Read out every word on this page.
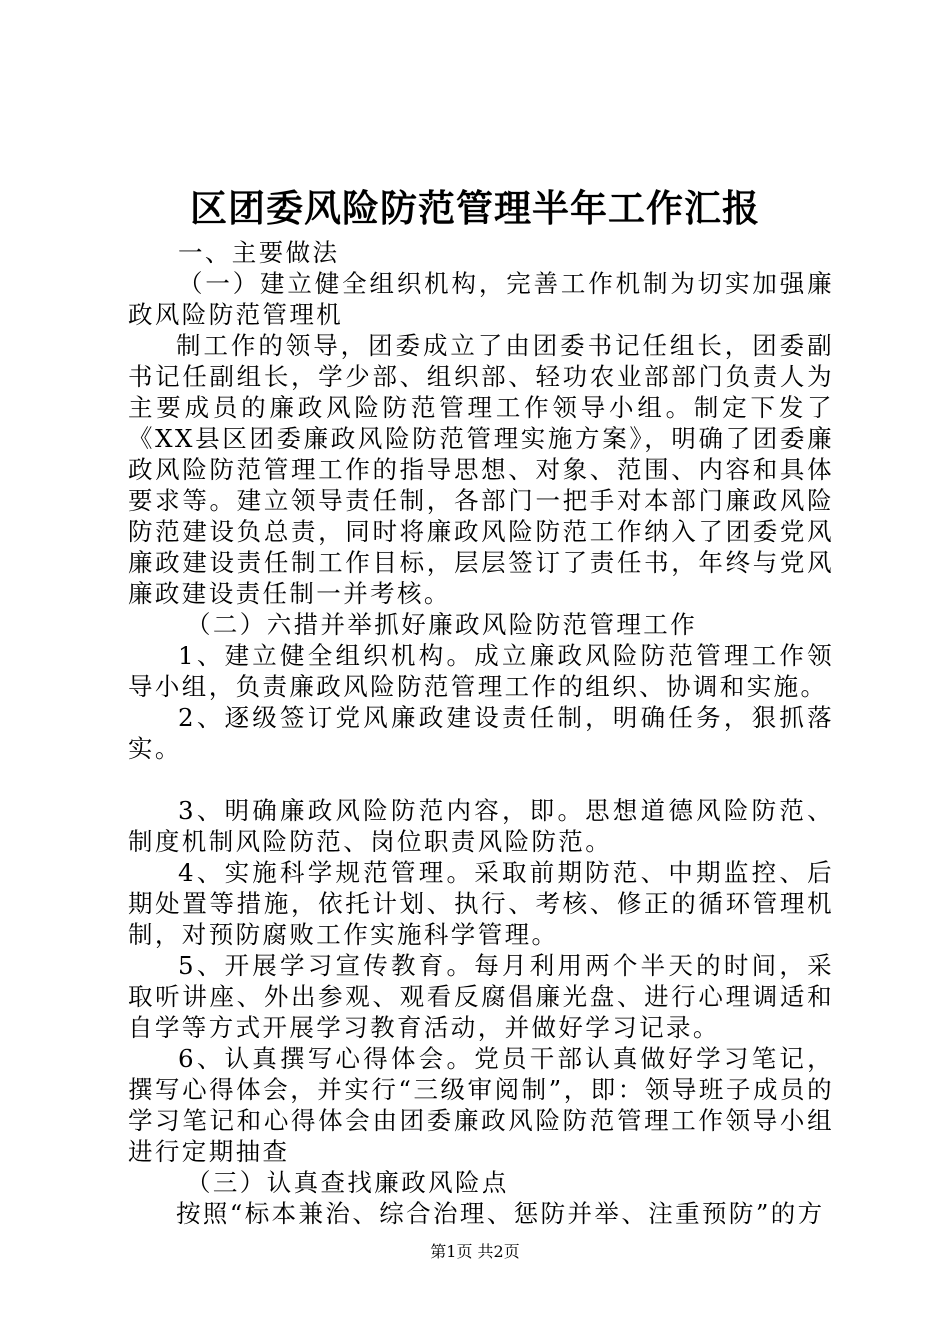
区团委风险防范管理半年工作汇报

一、主要做法

（一）建立健全组织机构，完善工作机制为切实加强廉政风险防范管理机

制工作的领导，团委成立了由团委书记任组长，团委副书记任副组长，学少部、组织部、轻功农业部部门负责人为主要成员的廉政风险防范管理工作领导小组。制定下发了《XX县区团委廉政风险防范管理实施方案》，明确了团委廉政风险防范管理工作的指导思想、对象、范围、内容和具体要求等。建立领导责任制，各部门一把手对本部门廉政风险防范建设负总责，同时将廉政风险防范工作纳入了团委党风廉政建设责任制工作目标，层层签订了责任书，年终与党风廉政建设责任制一并考核。

（二）六措并举抓好廉政风险防范管理工作

1、建立健全组织机构。成立廉政风险防范管理工作领导小组，负责廉政风险防范管理工作的组织、协调和实施。

2、逐级签订党风廉政建设责任制，明确任务，狠抓落实。

3、明确廉政风险防范内容，即。思想道德风险防范、制度机制风险防范、岗位职责风险防范。

4、实施科学规范管理。采取前期防范、中期监控、后期处置等措施，依托计划、执行、考核、修正的循环管理机制，对预防腐败工作实施科学管理。

5、开展学习宣传教育。每月利用两个半天的时间，采取听讲座、外出参观、观看反腐倡廉光盘、进行心理调适和自学等方式开展学习教育活动，并做好学习记录。

6、认真撰写心得体会。党员干部认真做好学习笔记，撰写心得体会，并实行“三级审阅制”，即：领导班子成员的学习笔记和心得体会由团委廉政风险防范管理工作领导小组进行定期抽查

（三）认真查找廉政风险点

按照“标本兼治、综合治理、惩防并举、注重预防”的方

第1页 共2页
